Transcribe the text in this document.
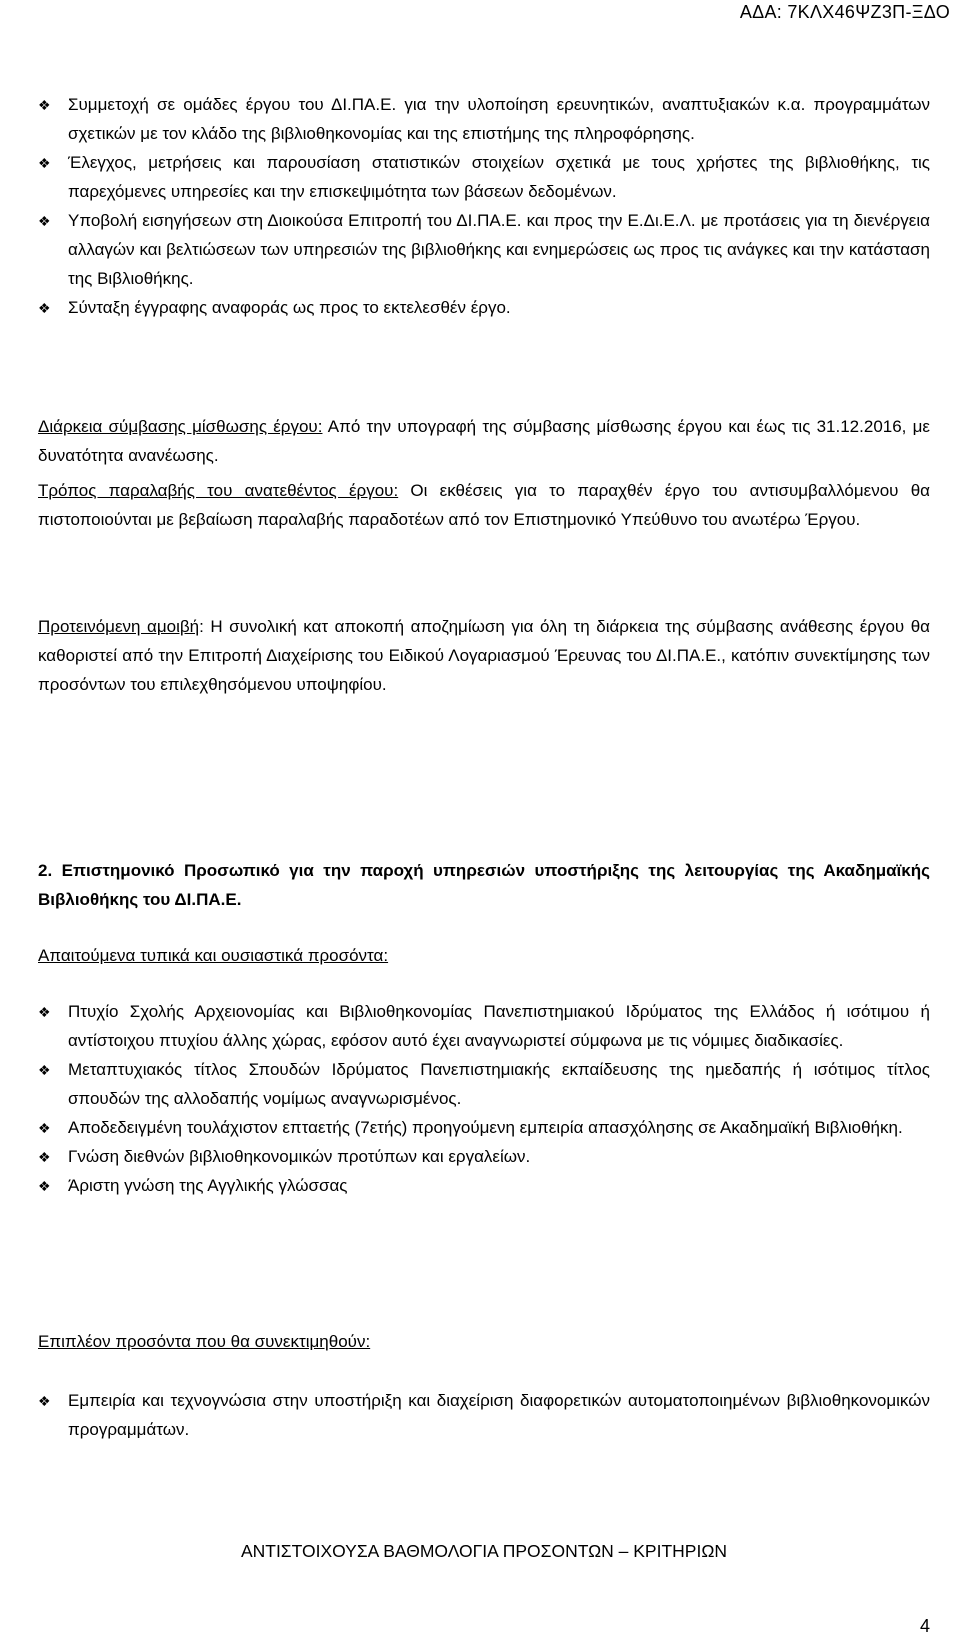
ΑΔΑ: 7ΚΛΧ46ΨΖ3Π-ΞΔΟ
❖	Συμμετοχή σε ομάδες έργου του ΔΙ.ΠΑ.Ε. για την υλοποίηση ερευνητικών, αναπτυξιακών κ.α. προγραμμάτων σχετικών με τον κλάδο της βιβλιοθηκονομίας και της επιστήμης της πληροφόρησης.
❖	Έλεγχος, μετρήσεις και παρουσίαση στατιστικών στοιχείων σχετικά με τους χρήστες της βιβλιοθήκης, τις παρεχόμενες υπηρεσίες και την επισκεψιμότητα των βάσεων δεδομένων.
❖	Υποβολή εισηγήσεων στη Διοικούσα Επιτροπή του ΔΙ.ΠΑ.Ε. και προς την Ε.Δι.Ε.Λ. με προτάσεις για τη διενέργεια αλλαγών και βελτιώσεων των υπηρεσιών της βιβλιοθήκης και ενημερώσεις ως προς τις ανάγκες και την κατάσταση της Βιβλιοθήκης.
❖	Σύνταξη έγγραφης αναφοράς ως προς το εκτελεσθέν έργο.

Διάρκεια σύμβασης μίσθωσης έργου: Από την υπογραφή της σύμβασης μίσθωσης έργου και έως τις 31.12.2016, με δυνατότητα ανανέωσης.

Τρόπος παραλαβής του ανατεθέντος έργου: Οι εκθέσεις για το παραχθέν έργο του αντισυμβαλλόμενου θα πιστοποιούνται με βεβαίωση παραλαβής παραδοτέων από τον Επιστημονικό Υπεύθυνο του ανωτέρω Έργου.

Προτεινόμενη αμοιβή: Η συνολική κατ αποκοπή αποζημίωση για όλη τη διάρκεια της σύμβασης ανάθεσης έργου θα καθοριστεί από την Επιτροπή Διαχείρισης του Ειδικού Λογαριασμού Έρευνας του ΔΙ.ΠΑ.Ε., κατόπιν συνεκτίμησης των προσόντων του επιλεχθησόμενου υποψηφίου.

2. Επιστημονικό Προσωπικό για την παροχή υπηρεσιών υποστήριξης της λειτουργίας της Ακαδημαϊκής Βιβλιοθήκης του ΔΙ.ΠΑ.Ε.

Απαιτούμενα τυπικά και ουσιαστικά προσόντα:

❖	Πτυχίο Σχολής Αρχειονομίας και Βιβλιοθηκονομίας Πανεπιστημιακού Ιδρύματος της Ελλάδος ή ισότιμου ή αντίστοιχου πτυχίου άλλης χώρας, εφόσον αυτό έχει αναγνωριστεί σύμφωνα με τις νόμιμες διαδικασίες.
❖	Μεταπτυχιακός τίτλος Σπουδών Ιδρύματος Πανεπιστημιακής εκπαίδευσης της ημεδαπής ή ισότιμος τίτλος σπουδών της αλλοδαπής νομίμως αναγνωρισμένος.
❖	Αποδεδειγμένη τουλάχιστον επταετής (7ετής) προηγούμενη εμπειρία απασχόλησης σε Ακαδημαϊκή Βιβλιοθήκη.
❖	Γνώση διεθνών βιβλιοθηκονομικών προτύπων και εργαλείων.
❖	Άριστη γνώση της Αγγλικής γλώσσας

Επιπλέον προσόντα που θα συνεκτιμηθούν:

❖	Εμπειρία και τεχνογνώσια στην υποστήριξη και διαχείριση διαφορετικών αυτοματοποιημένων βιβλιοθηκονομικών προγραμμάτων.

ΑΝΤΙΣΤΟΙΧΟΥΣΑ ΒΑΘΜΟΛΟΓΙΑ ΠΡΟΣΟΝΤΩΝ – ΚΡΙΤΗΡΙΩΝ

4
